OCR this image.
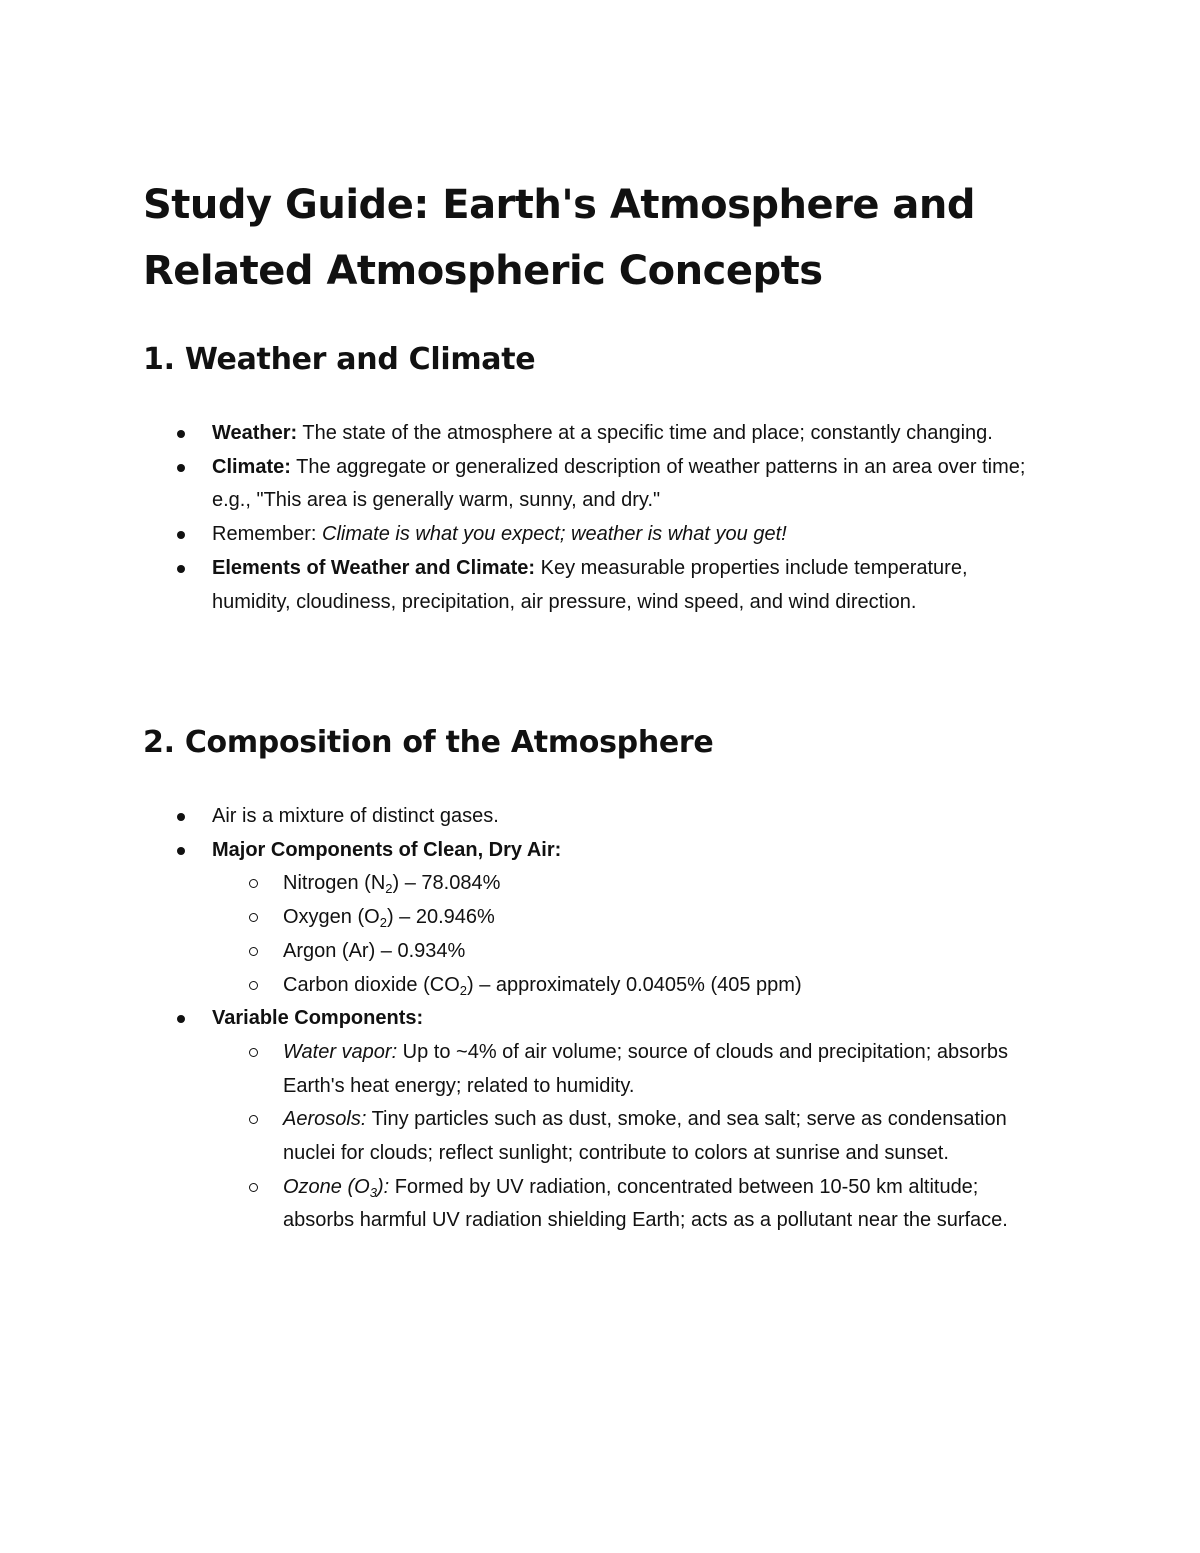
Study Guide: Earth's Atmosphere and Related Atmospheric Concepts
1. Weather and Climate
Weather: The state of the atmosphere at a specific time and place; constantly changing.
Climate: The aggregate or generalized description of weather patterns in an area over time; e.g., "This area is generally warm, sunny, and dry."
Remember: Climate is what you expect; weather is what you get!
Elements of Weather and Climate: Key measurable properties include temperature, humidity, cloudiness, precipitation, air pressure, wind speed, and wind direction.
2. Composition of the Atmosphere
Air is a mixture of distinct gases.
Major Components of Clean, Dry Air:
Nitrogen $(N_2) - 78.084\%$
Oxygen $(O_2) - 20.946\%$
Argon (Ar) – 0.934%
Carbon dioxide $(CO_2)$ – approximately 0.0405% (405 ppm)
Variable Components:
Water vapor: Up to ~4% of air volume; source of clouds and precipitation; absorbs Earth's heat energy; related to humidity.
Aerosols: Tiny particles such as dust, smoke, and sea salt; serve as condensation nuclei for clouds; reflect sunlight; contribute to colors at sunrise and sunset.
Ozone $(O_3)$: Formed by UV radiation, concentrated between 10-50 km altitude; absorbs harmful UV radiation shielding Earth; acts as a pollutant near the surface.
